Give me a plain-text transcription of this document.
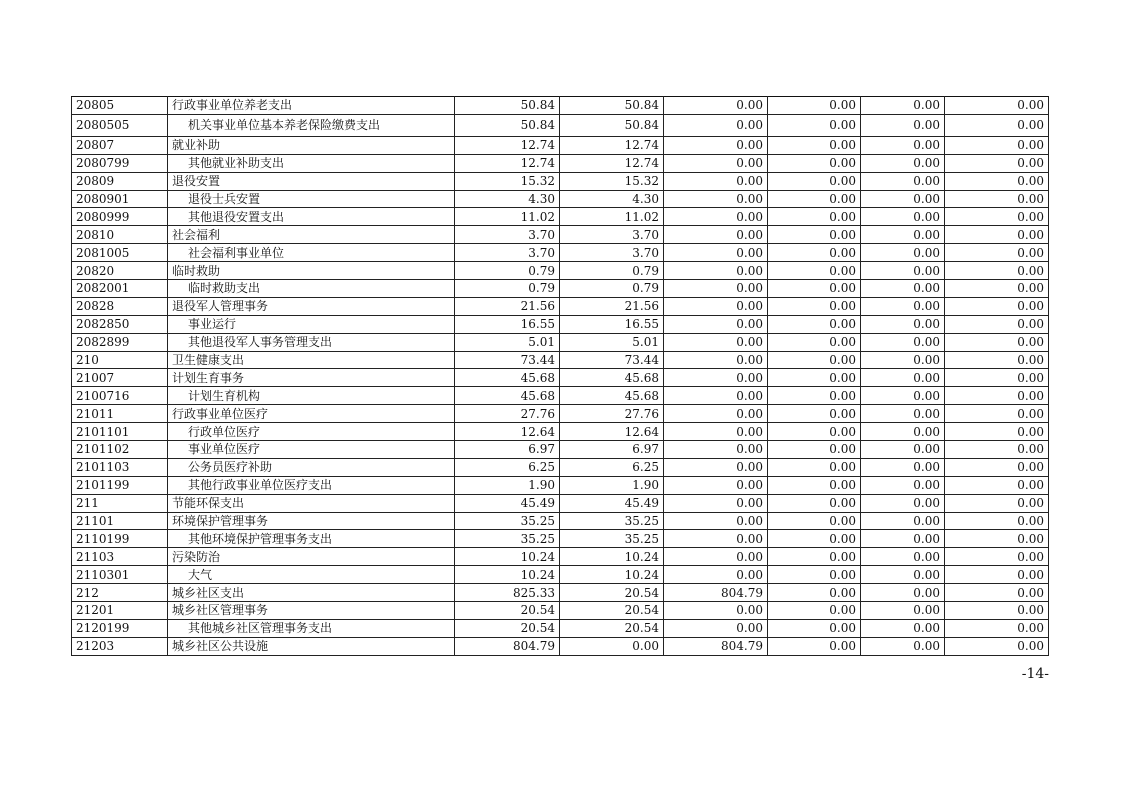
20805	行政事业单位养老支出	50.84	50.84	0.00	0.00	0.00	0.00
2080505	机关事业单位基本养老保险缴费支出	50.84	50.84	0.00	0.00	0.00	0.00
20807	就业补助	12.74	12.74	0.00	0.00	0.00	0.00
2080799	其他就业补助支出	12.74	12.74	0.00	0.00	0.00	0.00
20809	退役安置	15.32	15.32	0.00	0.00	0.00	0.00
2080901	退役士兵安置	4.30	4.30	0.00	0.00	0.00	0.00
2080999	其他退役安置支出	11.02	11.02	0.00	0.00	0.00	0.00
20810	社会福利	3.70	3.70	0.00	0.00	0.00	0.00
2081005	社会福利事业单位	3.70	3.70	0.00	0.00	0.00	0.00
20820	临时救助	0.79	0.79	0.00	0.00	0.00	0.00
2082001	临时救助支出	0.79	0.79	0.00	0.00	0.00	0.00
20828	退役军人管理事务	21.56	21.56	0.00	0.00	0.00	0.00
2082850	事业运行	16.55	16.55	0.00	0.00	0.00	0.00
2082899	其他退役军人事务管理支出	5.01	5.01	0.00	0.00	0.00	0.00
210	卫生健康支出	73.44	73.44	0.00	0.00	0.00	0.00
21007	计划生育事务	45.68	45.68	0.00	0.00	0.00	0.00
2100716	计划生育机构	45.68	45.68	0.00	0.00	0.00	0.00
21011	行政事业单位医疗	27.76	27.76	0.00	0.00	0.00	0.00
2101101	行政单位医疗	12.64	12.64	0.00	0.00	0.00	0.00
2101102	事业单位医疗	6.97	6.97	0.00	0.00	0.00	0.00
2101103	公务员医疗补助	6.25	6.25	0.00	0.00	0.00	0.00
2101199	其他行政事业单位医疗支出	1.90	1.90	0.00	0.00	0.00	0.00
211	节能环保支出	45.49	45.49	0.00	0.00	0.00	0.00
21101	环境保护管理事务	35.25	35.25	0.00	0.00	0.00	0.00
2110199	其他环境保护管理事务支出	35.25	35.25	0.00	0.00	0.00	0.00
21103	污染防治	10.24	10.24	0.00	0.00	0.00	0.00
2110301	大气	10.24	10.24	0.00	0.00	0.00	0.00
212	城乡社区支出	825.33	20.54	804.79	0.00	0.00	0.00
21201	城乡社区管理事务	20.54	20.54	0.00	0.00	0.00	0.00
2120199	其他城乡社区管理事务支出	20.54	20.54	0.00	0.00	0.00	0.00
21203	城乡社区公共设施	804.79	0.00	804.79	0.00	0.00	0.00
-14-
